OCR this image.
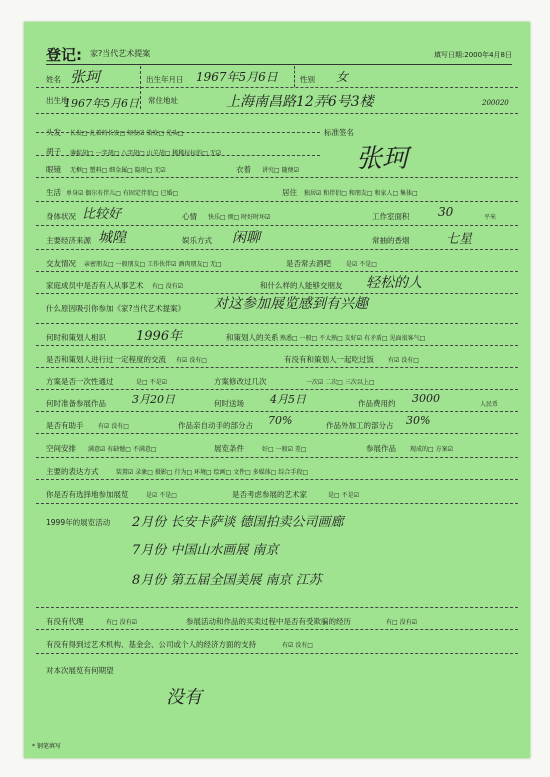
登记: 家?当代艺术提案	填写日期:2000年4月8日
姓名 张珂	出生年月日 1967年5月6日	性别 女
出生地
1967年5月6日 常住地址	上海南昌路12弄6号3楼	200020
头发 长发□ 扎着的长发□ 短发☑ 染发□ 光头□	标准签名
胡子 薄髭胡□ 一字胡□ 八字胡□ 山羊胡□ 稀稀拉拉的□ 无☑	张珂
眼镜 无框□ 塑料□ 细金属□ 隐形□ 无☑	衣着 讲究□ 随便☑
生活 单身☑ 偶尔有伴儿□ 有固定伴侣□ 已婚□	居住 独居☑ 和伴侣□ 和朋友□ 和家人□ 集体□
身体状况 比较好	心情 快乐□ 烦□ 时好时坏☑	工作室面积 30	平米
主要经济来源 城隍	娱乐方式 闲聊	常抽的香烟	七星
交友情况 亲密朋友□ 一般朋友□ 工作伙伴☑ 酒肉朋友□ 无□	是否常去酒吧	是☑ 不是□
家庭成员中是否有人从事艺术 有□ 没有☑	和什么样的人能够交朋友 轻松的人
什么原因吸引你参加《家?当代艺术提案》 对这参加展览感到有兴趣
何时和策划人相识 1996年	和策划人的关系 熟悉□ 一般□ 不太熟□ 友好☑ 有矛盾□ 见面很客气□
是否和策划人进行过一定程度的交流 有☑ 没有□	有没有和策划人一起吃过饭 有☑ 没有□
方案是否一次性通过	是□ 不是☑	方案修改过几次	一次☑ 二次□ 三次以上□
何时准备参展作品 3月20日	何时送场 4月5日	作品费用约 3000	人民币
是否有助手 有☑ 没有□	作品亲自动手的部分占 70%	作品外加工的部分占 30%
空间安排 满意☑ 有缺憾□ 不满意□	展览条件	好□ 一般☑ 差□	参展作品 现成的□ 方案☑
主要的表达方式	装置☑ 录象□ 摄影□ 行为□ 环境□ 绘画□ 文件□ 多媒体□ 综合手段□
你是否有选择地参加展览	是☑ 不是□	是否考虑参展的艺术家	是□ 不是☑
1999年的展览活动 2月份 长安卡萨谈 德国拍卖公司画廊
7月份 中国山水画展 南京
8月份 第五届全国美展 南京 江苏
有没有代理	有□ 没有☑	参展活动和作品的买卖过程中是否有受欺骗的经历	有□ 没有☑
有没有得到过艺术机构、基金会、公司或个人的经济方面的支持	有☑ 没有□
对本次展览有何期望
没有
* 钢笔填写
